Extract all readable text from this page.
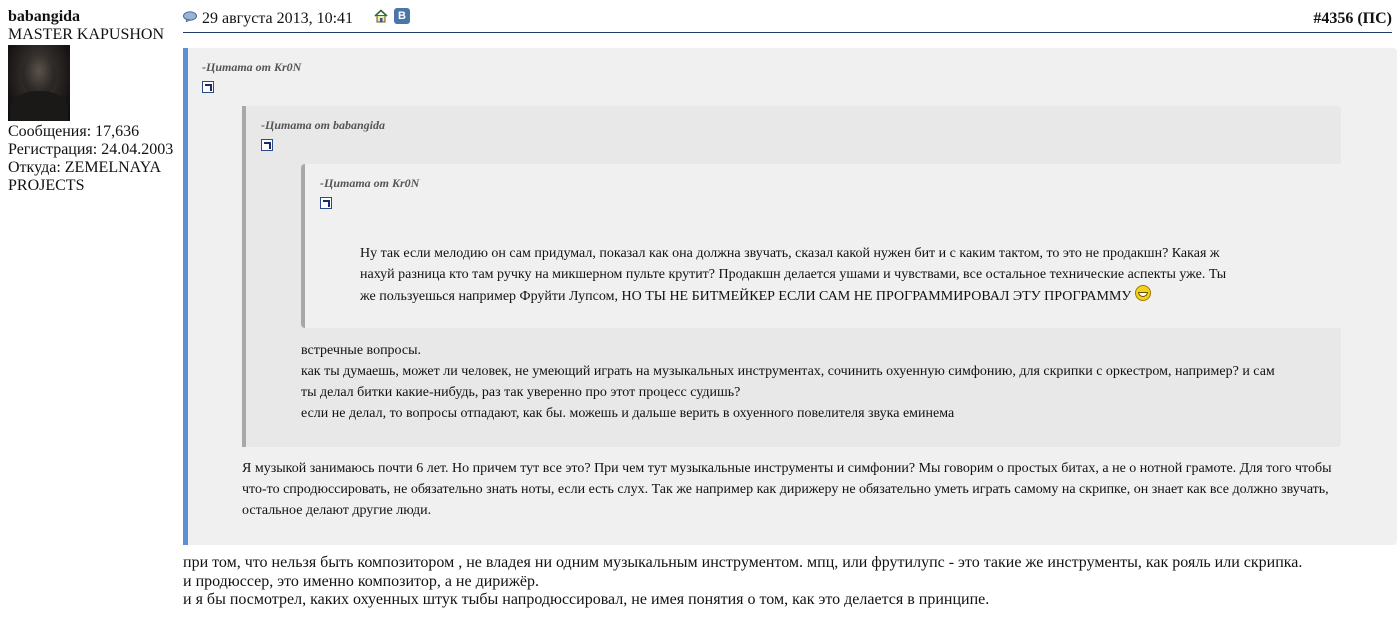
babangida
MASTER KAPUSHON
Сообщения: 17,636
Регистрация: 24.04.2003
Откуда: ZEMELNAYA
PROJECTS
29 августа 2013, 10:41	В	#4356 (ПС)
-Цитата от Kr0N
-Цитата от babangida
-Цитата от Kr0N
Ну так если мелодию он сам придумал, показал как она должна звучать, сказал какой нужен бит и с каким тактом, то это не продакшн? Какая ж
нахуй разница кто там ручку на микшерном пульте крутит? Продакшн делается ушами и чувствами, все остальное технические аспекты уже. Ты
же пользуешься например Фруйти Лупсом, НО ТЫ НЕ БИТМЕЙКЕР ЕСЛИ САМ НЕ ПРОГРАММИРОВАЛ ЭТУ ПРОГРАММУ
встречные вопросы.
как ты думаешь, может ли человек, не умеющий играть на музыкальных инструментах, сочинить охуенную симфонию, для скрипки с оркестром, например? и сам
ты делал битки какие-нибудь, раз так уверенно про этот процесс судишь?
если не делал, то вопросы отпадают, как бы. можешь и дальше верить в охуенного повелителя звука еминема
Я музыкой занимаюсь почти 6 лет. Но причем тут все это? При чем тут музыкальные инструменты и симфонии? Мы говорим о простых битах, а не о нотной грамоте. Для того чтобы
что-то спродюссировать, не обязательно знать ноты, если есть слух. Так же например как дирижеру не обязательно уметь играть самому на скрипке, он знает как все должно звучать,
остальное делают другие люди.
при том, что нельзя быть композитором , не владея ни одним музыкальным инструментом. мпц, или фрутилупс - это такие же инструменты, как рояль или скрипка.
и продюссер, это именно композитор, а не дирижёр.
и я бы посмотрел, каких охуенных штук тыбы напродюссировал, не имея понятия о том, как это делается в принципе.
